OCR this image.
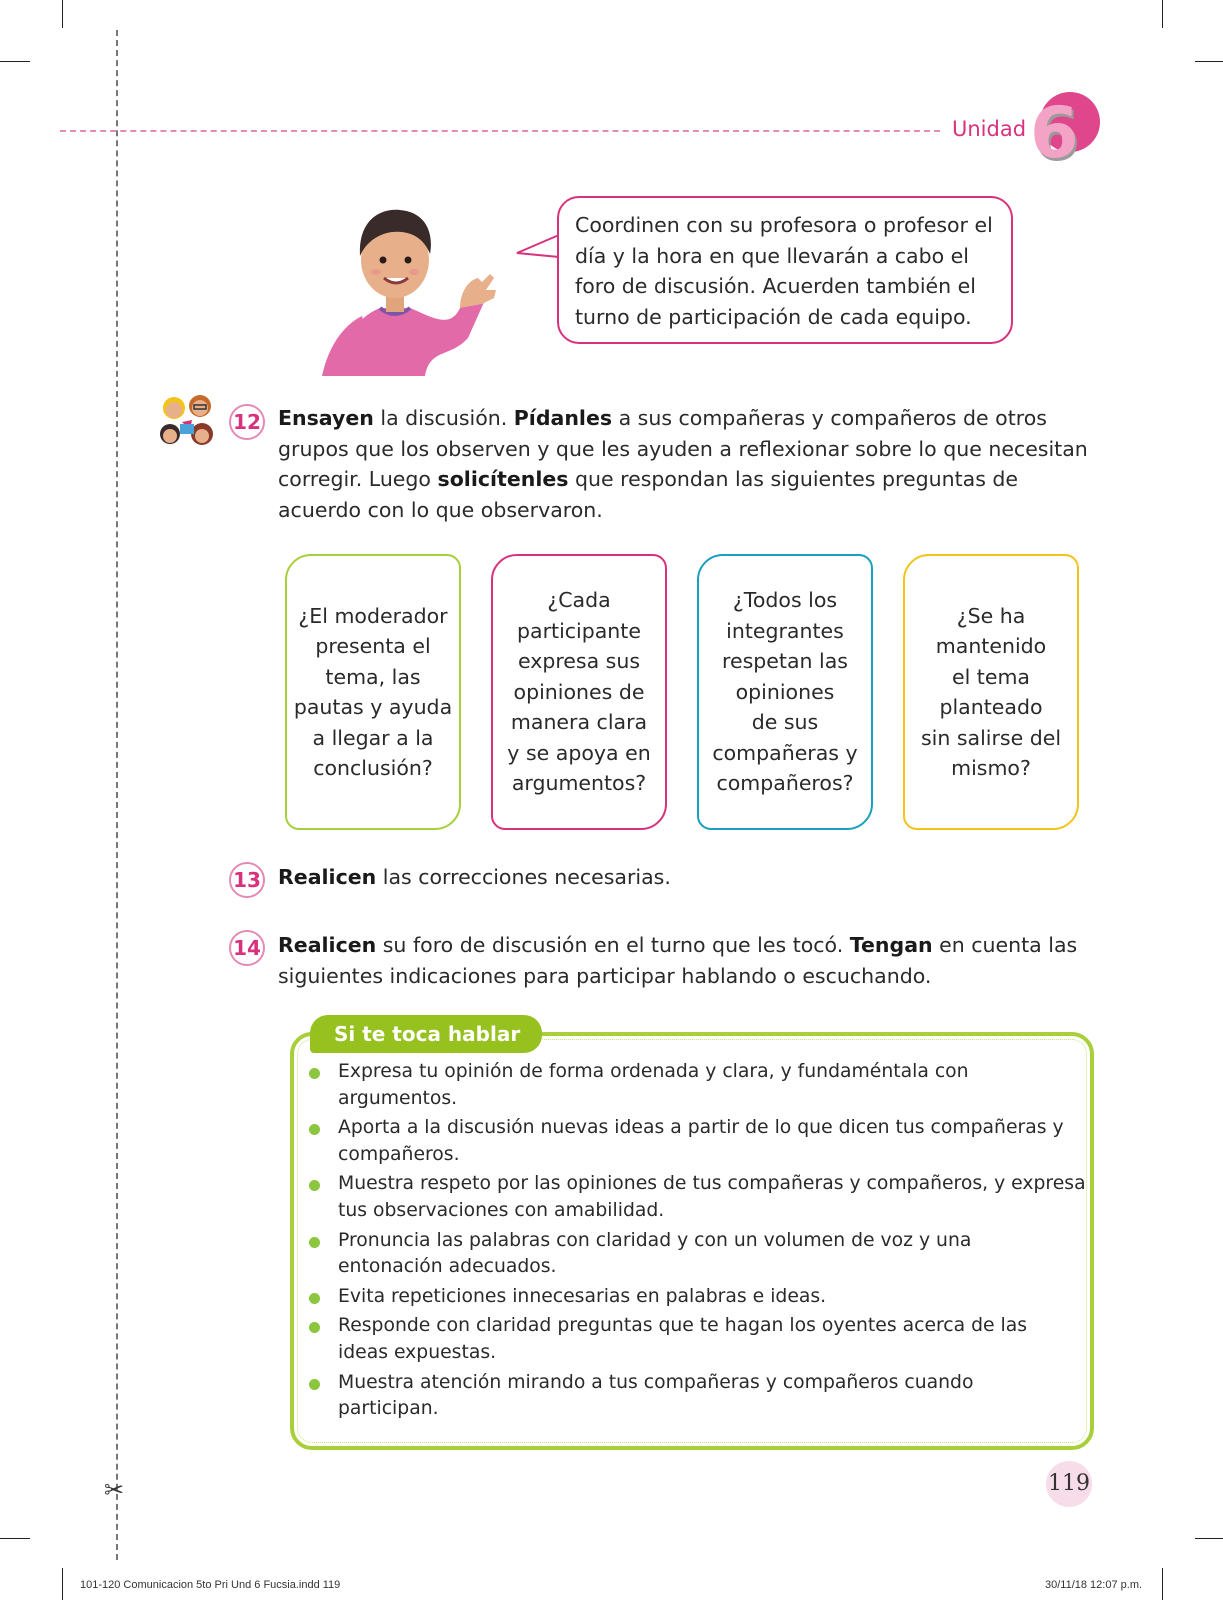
✂
Unidad 6
Coordinen con su profesora o profesor el
día y la hora en que llevarán a cabo el
foro de discusión. Acuerden también el
turno de participación de cada equipo.
12 Ensayen la discusión. Pídanles a sus compañeras y compañeros de otros
grupos que los observen y que les ayuden a reflexionar sobre lo que necesitan
corregir. Luego solicítenles que respondan las siguientes preguntas de
acuerdo con lo que observaron.
¿El moderador
presenta el
tema, las
pautas y ayuda
a llegar a la
conclusión?
¿Cada
participante
expresa sus
opiniones de
manera clara
y se apoya en
argumentos?
¿Todos los
integrantes
respetan las
opiniones
de sus
compañeras y
compañeros?
¿Se ha
mantenido
el tema
planteado
sin salirse del
mismo?
13 Realicen las correcciones necesarias.
14 Realicen su foro de discusión en el turno que les tocó. Tengan en cuenta las
siguientes indicaciones para participar hablando o escuchando.
Si te toca hablar
Expresa tu opinión de forma ordenada y clara, y fundaméntala con
argumentos.
Aporta a la discusión nuevas ideas a partir de lo que dicen tus compañeras y
compañeros.
Muestra respeto por las opiniones de tus compañeras y compañeros, y expresa
tus observaciones con amabilidad.
Pronuncia las palabras con claridad y con un volumen de voz y una
entonación adecuados.
Evita repeticiones innecesarias en palabras e ideas.
Responde con claridad preguntas que te hagan los oyentes acerca de las
ideas expuestas.
Muestra atención mirando a tus compañeras y compañeros cuando
participan.
119
101-120 Comunicacion 5to Pri Und 6 Fucsia.indd 119	30/11/18 12:07 p.m.
